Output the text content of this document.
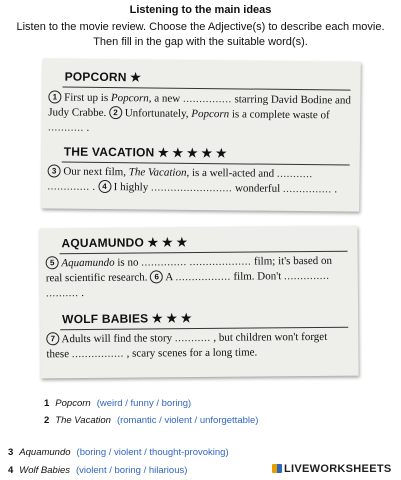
Listening to the main ideas
Listen to the movie review. Choose the Adjective(s) to describe each movie. Then fill in the gap with the suitable word(s).
POPCORN ★
1 First up is Popcorn, a new ............... starring David Bodine and Judy Crabbe. 2 Unfortunately, Popcorn is a complete waste of ........... .
THE VACATION ★ ★ ★ ★ ★
3 Our next film, The Vacation, is a well-acted and ........... ............. . 4 I highly ......................... wonderful ............... .
AQUAMUNDO ★ ★ ★
5 Aquamundo is no .............. ................... film; it's based on real scientific research. 6 A ................. film. Don't .............. .......... .
WOLF BABIES ★ ★ ★
7 Adults will find the story ........... , but children won't forget these ................ , scary scenes for a long time.
1 Popcorn (weird / funny / boring)
2 The Vacation (romantic / violent / unforgettable)
3 Aquamundo (boring / violent / thought-provoking)
4 Wolf Babies (violent / boring / hilarious)	LIVEWORKSHEETS
